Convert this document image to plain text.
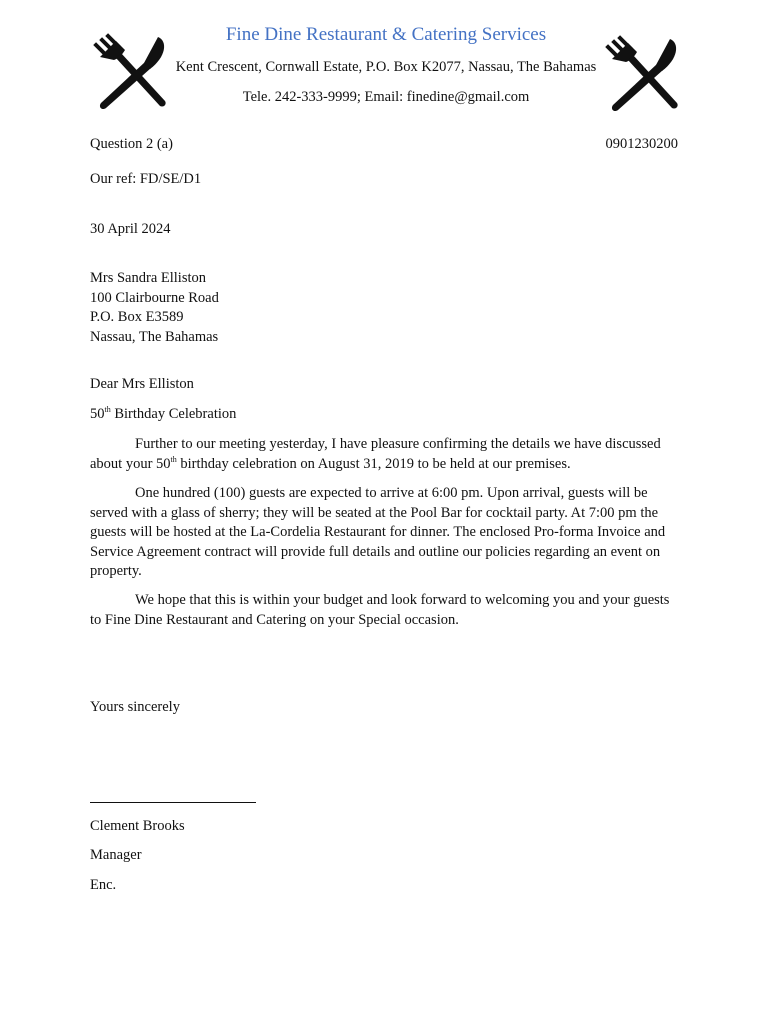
Fine Dine Restaurant & Catering Services
Kent Crescent, Cornwall Estate, P.O. Box K2077, Nassau, The Bahamas
Tele. 242-333-9999; Email: finedine@gmail.com
Question 2 (a)	0901230200
Our ref: FD/SE/D1
30 April 2024
Mrs Sandra Elliston
100 Clairbourne Road
P.O. Box E3589
Nassau, The Bahamas
Dear Mrs Elliston
50th Birthday Celebration
Further to our meeting yesterday, I have pleasure confirming the details we have discussed about your 50th birthday celebration on August 31, 2019 to be held at our premises.
One hundred (100) guests are expected to arrive at 6:00 pm. Upon arrival, guests will be served with a glass of sherry; they will be seated at the Pool Bar for cocktail party. At 7:00 pm the guests will be hosted at the La-Cordelia Restaurant for dinner. The enclosed Pro-forma Invoice and Service Agreement contract will provide full details and outline our policies regarding an event on property.
We hope that this is within your budget and look forward to welcoming you and your guests to Fine Dine Restaurant and Catering on your Special occasion.
Yours sincerely
Clement Brooks
Manager
Enc.
